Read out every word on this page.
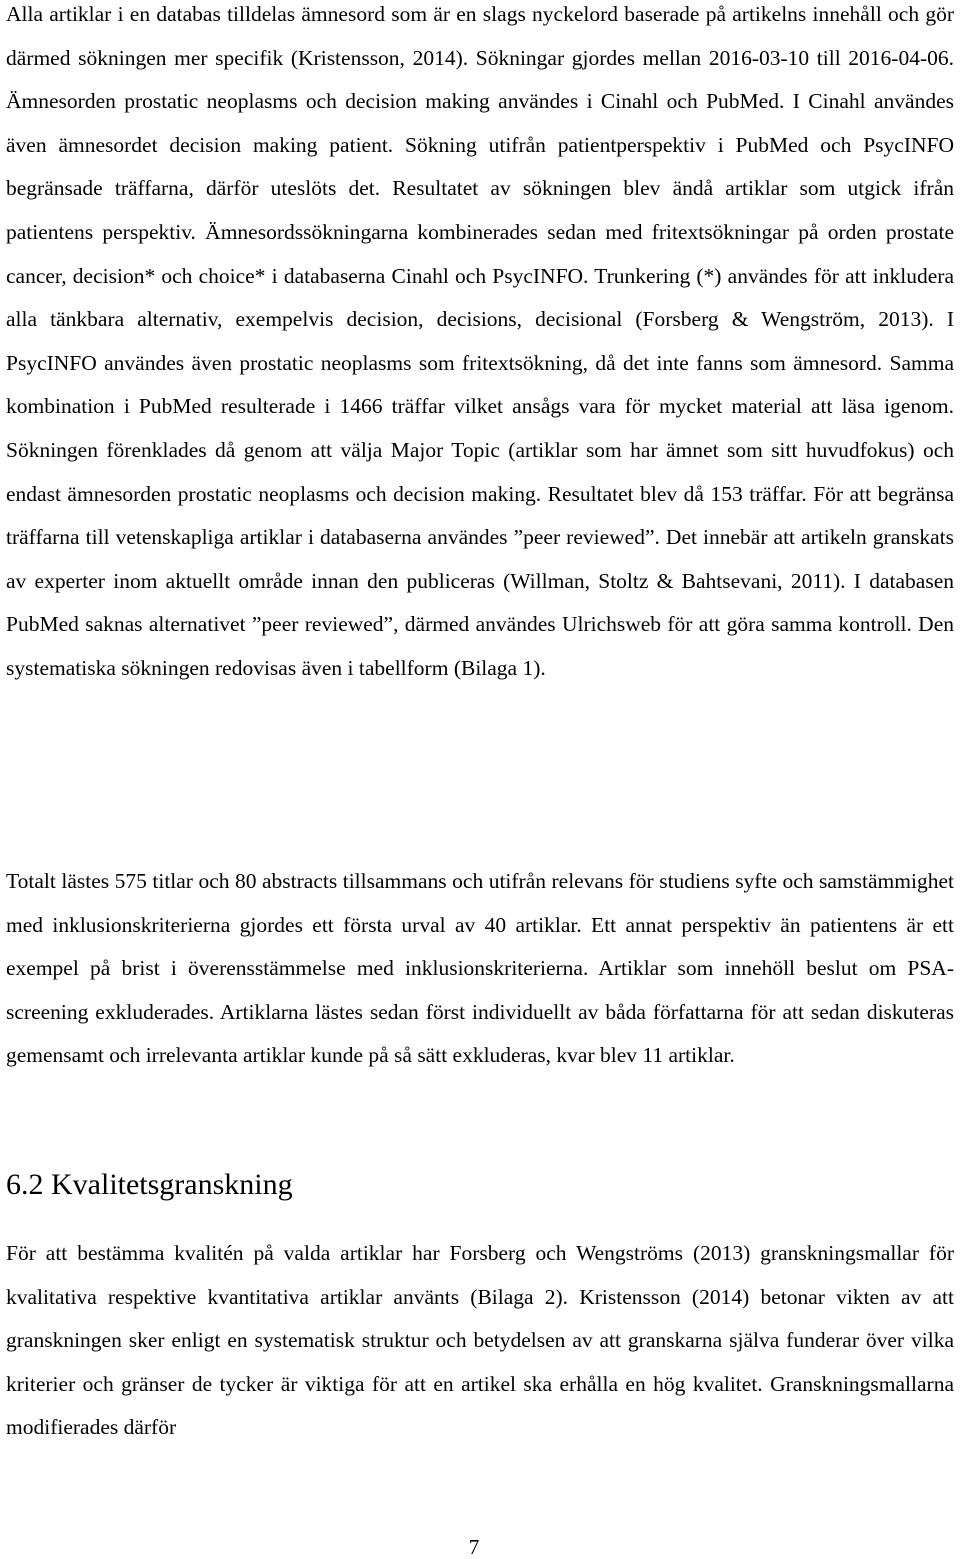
Alla artiklar i en databas tilldelas ämnesord som är en slags nyckelord baserade på artikelns innehåll och gör därmed sökningen mer specifik (Kristensson, 2014). Sökningar gjordes mellan 2016-03-10 till 2016-04-06. Ämnesorden prostatic neoplasms och decision making användes i Cinahl och PubMed. I Cinahl användes även ämnesordet decision making patient. Sökning utifrån patientperspektiv i PubMed och PsycINFO begränsade träffarna, därför uteslöts det. Resultatet av sökningen blev ändå artiklar som utgick ifrån patientens perspektiv. Ämnesordssökningarna kombinerades sedan med fritextsökningar på orden prostate cancer, decision* och choice* i databaserna Cinahl och PsycINFO. Trunkering (*) användes för att inkludera alla tänkbara alternativ, exempelvis decision, decisions, decisional (Forsberg & Wengström, 2013). I PsycINFO användes även prostatic neoplasms som fritextsökning, då det inte fanns som ämnesord. Samma kombination i PubMed resulterade i 1466 träffar vilket ansågs vara för mycket material att läsa igenom. Sökningen förenklades då genom att välja Major Topic (artiklar som har ämnet som sitt huvudfokus) och endast ämnesorden prostatic neoplasms och decision making. Resultatet blev då 153 träffar. För att begränsa träffarna till vetenskapliga artiklar i databaserna användes ”peer reviewed”. Det innebär att artikeln granskats av experter inom aktuellt område innan den publiceras (Willman, Stoltz & Bahtsevani, 2011). I databasen PubMed saknas alternativet ”peer reviewed”, därmed användes Ulrichsweb för att göra samma kontroll. Den systematiska sökningen redovisas även i tabellform (Bilaga 1).

Totalt lästes 575 titlar och 80 abstracts tillsammans och utifrån relevans för studiens syfte och samstämmighet med inklusionskriterierna gjordes ett första urval av 40 artiklar. Ett annat perspektiv än patientens är ett exempel på brist i överensstämmelse med inklusionskriterierna. Artiklar som innehöll beslut om PSA-screening exkluderades. Artiklarna lästes sedan först individuellt av båda författarna för att sedan diskuteras gemensamt och irrelevanta artiklar kunde på så sätt exkluderas, kvar blev 11 artiklar.

6.2 Kvalitetsgranskning

För att bestämma kvalitén på valda artiklar har Forsberg och Wengströms (2013) granskningsmallar för kvalitativa respektive kvantitativa artiklar använts (Bilaga 2). Kristensson (2014) betonar vikten av att granskningen sker enligt en systematisk struktur och betydelsen av att granskarna själva funderar över vilka kriterier och gränser de tycker är viktiga för att en artikel ska erhålla en hög kvalitet. Granskningsmallarna modifierades därför

7
